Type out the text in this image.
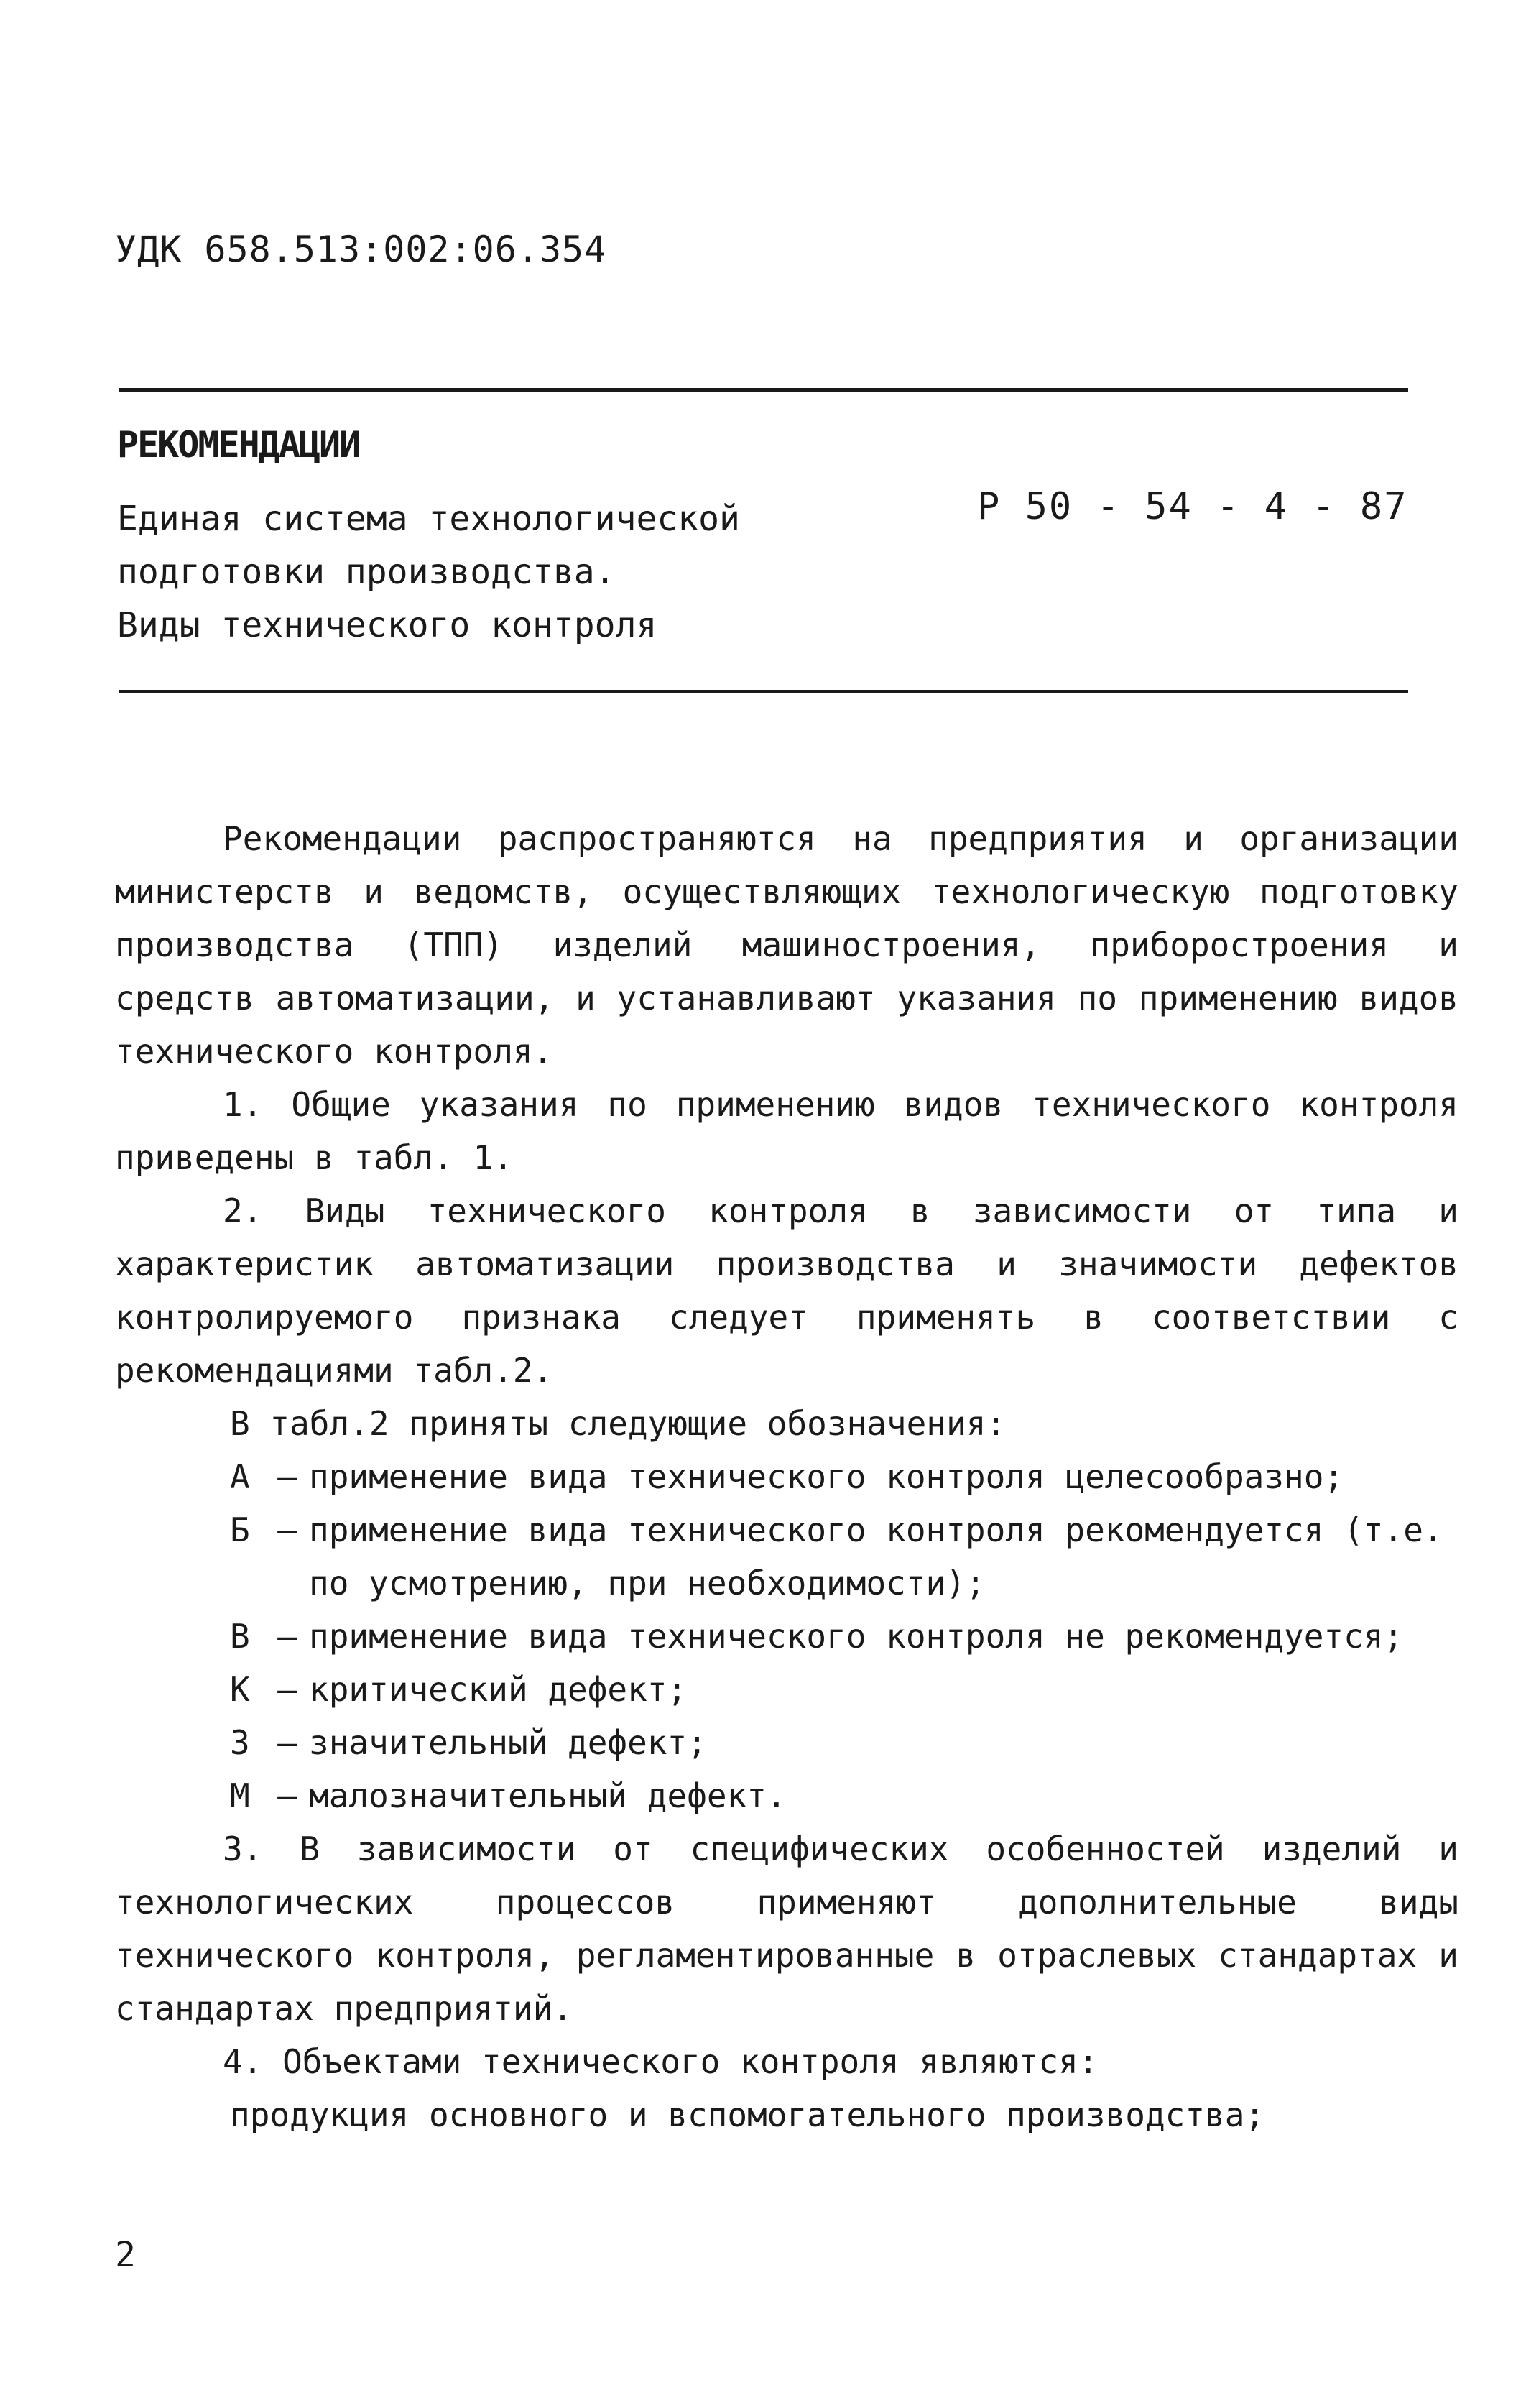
УДК 658.513:002:06.354
РЕКОМЕНДАЦИИ
Единая система технологической
подготовки производства.
Виды технического контроля
Р 50 - 54 - 4 - 87

Рекомендации распространяются на предприятия и организации министерств и ведомств, осуществляющих технологическую подготовку производства (ТПП) изделий машиностроения, приборостроения и средств автоматизации, и устанавливают указания по применению видов технического контроля.

1. Общие указания по применению видов технического контроля приведены в табл. 1.

2. Виды технического контроля в зависимости от типа и характеристик автоматизации производства и значимости дефектов контролируемого признака следует применять в соответствии с рекомендациями табл.2.

В табл.2 приняты следующие обозначения:

А – применение вида технического контроля целесообразно;
Б – применение вида технического контроля рекомендуется (т.е. по усмотрению, при необходимости);
В – применение вида технического контроля не рекомендуется;
К – критический дефект;
З – значительный дефект;
М – малозначительный дефект.

3. В зависимости от специфических особенностей изделий и технологических процессов применяют дополнительные виды технического контроля, регламентированные в отраслевых стандартах и стандартах предприятий.

4. Объектами технического контроля являются:

продукция основного и вспомогательного производства;

2
